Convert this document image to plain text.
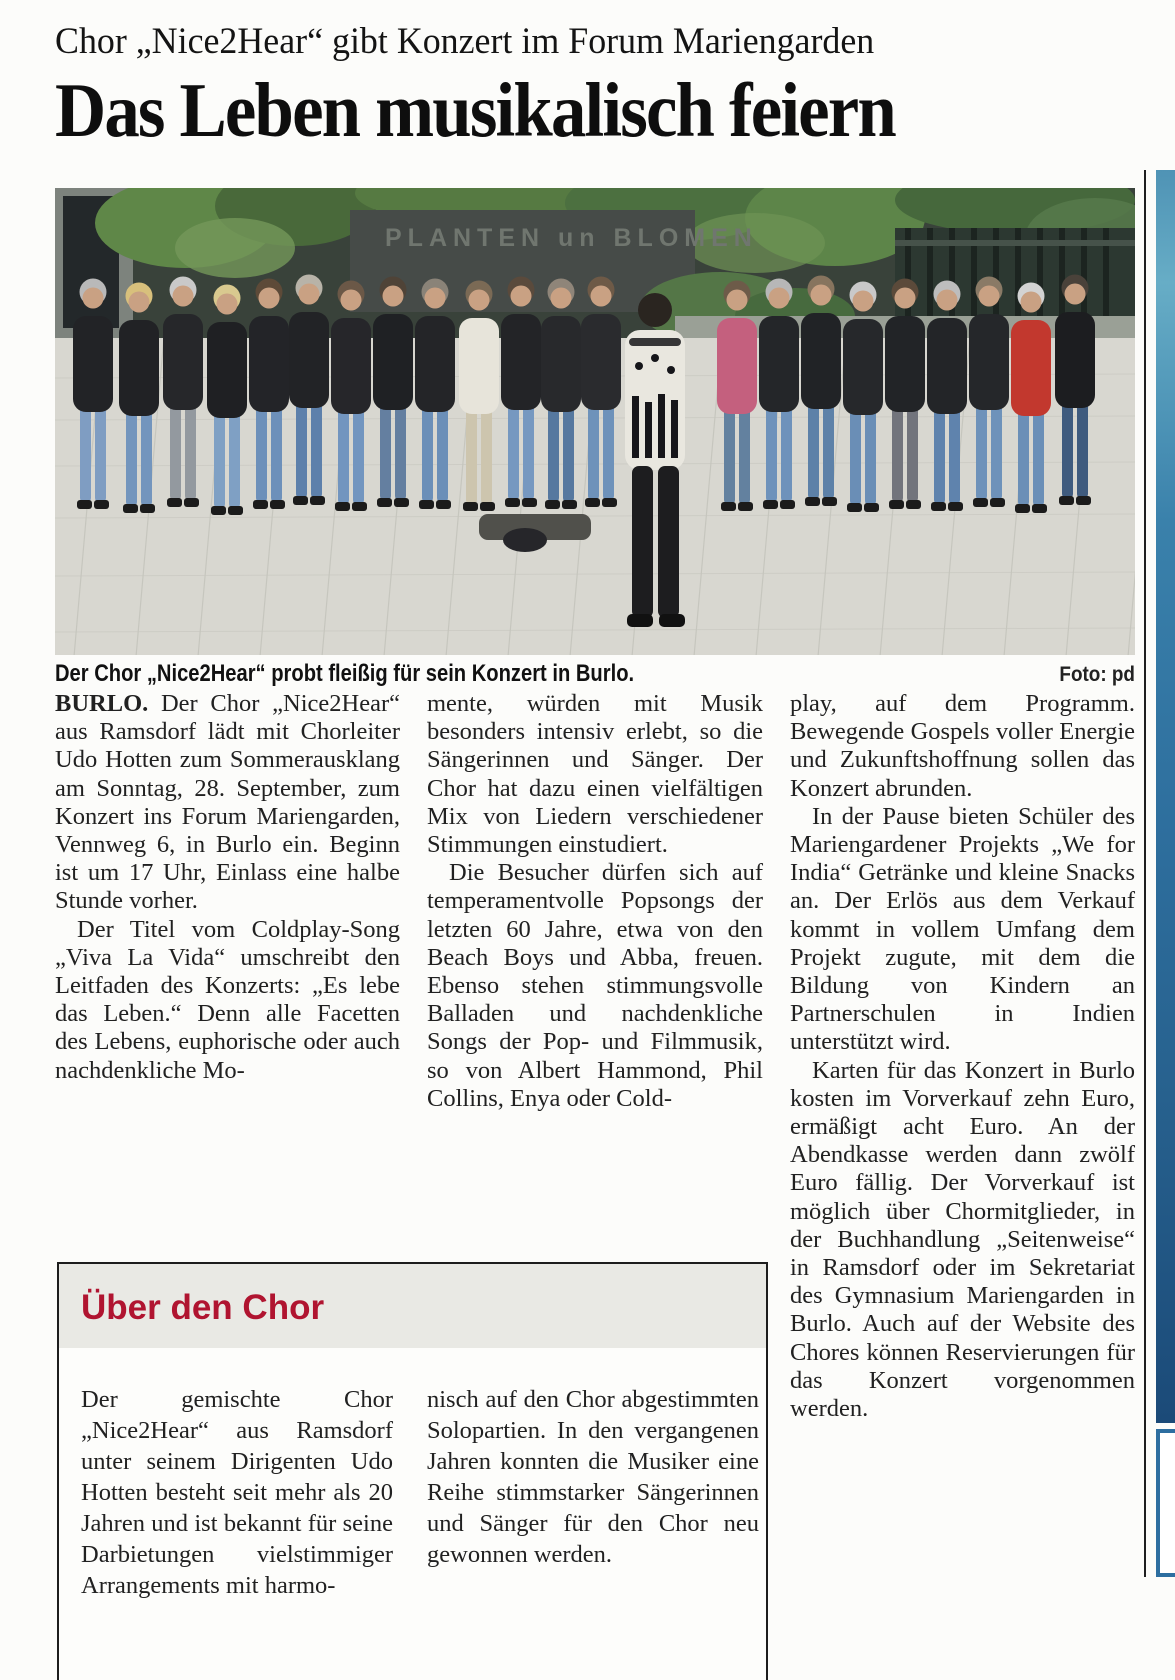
Chor „Nice2Hear“ gibt Konzert im Forum Mariengarden
Das Leben musikalisch feiern
PLANTEN un BLOMEN
Der Chor „Nice2Hear“ probt fleißig für sein Konzert in Burlo.	Foto: pd

BURLO. Der Chor „Nice2Hear“ aus Ramsdorf lädt mit Chorleiter Udo Hotten zum Sommerausklang am Sonntag, 28. September, zum Konzert ins Forum Mariengarden, Vennweg 6, in Burlo ein. Beginn ist um 17 Uhr, Einlass eine halbe Stunde vorher.

Der Titel vom Coldplay-Song „Viva La Vida“ umschreibt den Leitfaden des Konzerts: „Es lebe das Leben.“ Denn alle Facetten des Lebens, euphorische oder auch nachdenkliche Mo-

mente, würden mit Musik besonders intensiv erlebt, so die Sängerinnen und Sänger. Der Chor hat dazu einen vielfältigen Mix von Liedern verschiedener Stimmungen einstudiert.

Die Besucher dürfen sich auf temperamentvolle Popsongs der letzten 60 Jahre, etwa von den Beach Boys und Abba, freuen. Ebenso stehen stimmungsvolle Balladen und nachdenkliche Songs der Pop- und Filmmusik, so von Albert Hammond, Phil Collins, Enya oder Cold-

play, auf dem Programm. Bewegende Gospels voller Energie und Zukunftshoffnung sollen das Konzert abrunden.

In der Pause bieten Schüler des Mariengardener Projekts „We for India“ Getränke und kleine Snacks an. Der Erlös aus dem Verkauf kommt in vollem Umfang dem Projekt zugute, mit dem die Bildung von Kindern an Partnerschulen in Indien unterstützt wird.

Karten für das Konzert in Burlo kosten im Vorverkauf zehn Euro, ermäßigt acht Euro. An der Abendkasse werden dann zwölf Euro fällig. Der Vorverkauf ist möglich über Chormitglieder, in der Buchhandlung „Seitenweise“ in Ramsdorf oder im Sekretariat des Gymnasium Mariengarden in Burlo. Auch auf der Website des Chores können Reservierungen für das Konzert vorgenommen werden.

Über den Chor

Der gemischte Chor „Nice2Hear“ aus Ramsdorf unter seinem Dirigenten Udo Hotten besteht seit mehr als 20 Jahren und ist bekannt für seine Darbietungen vielstimmiger Arrangements mit harmo-

nisch auf den Chor abgestimmten Solopartien. In den vergangenen Jahren konnten die Musiker eine Reihe stimmstarker Sängerinnen und Sänger für den Chor neu gewonnen werden.
